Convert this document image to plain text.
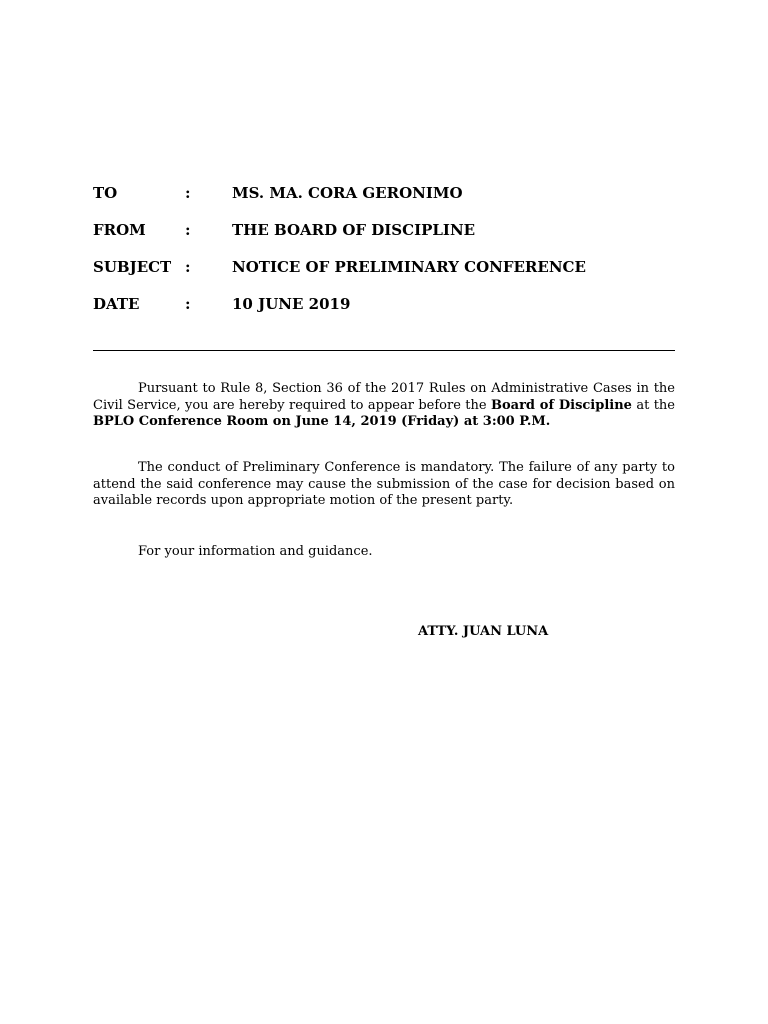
TO	:	MS. MA. CORA GERONIMO
FROM	:	THE BOARD OF DISCIPLINE
SUBJECT :	NOTICE OF PRELIMINARY CONFERENCE
DATE	:	10 JUNE 2019

Pursuant to Rule 8, Section 36 of the 2017 Rules on Administrative Cases in the Civil Service, you are hereby required to appear before the Board of Discipline at the BPLO Conference Room on June 14, 2019 (Friday) at 3:00 P.M.

The conduct of Preliminary Conference is mandatory. The failure of any party to attend the said conference may cause the submission of the case for decision based on available records upon appropriate motion of the present party.

For your information and guidance.

ATTY. JUAN LUNA
